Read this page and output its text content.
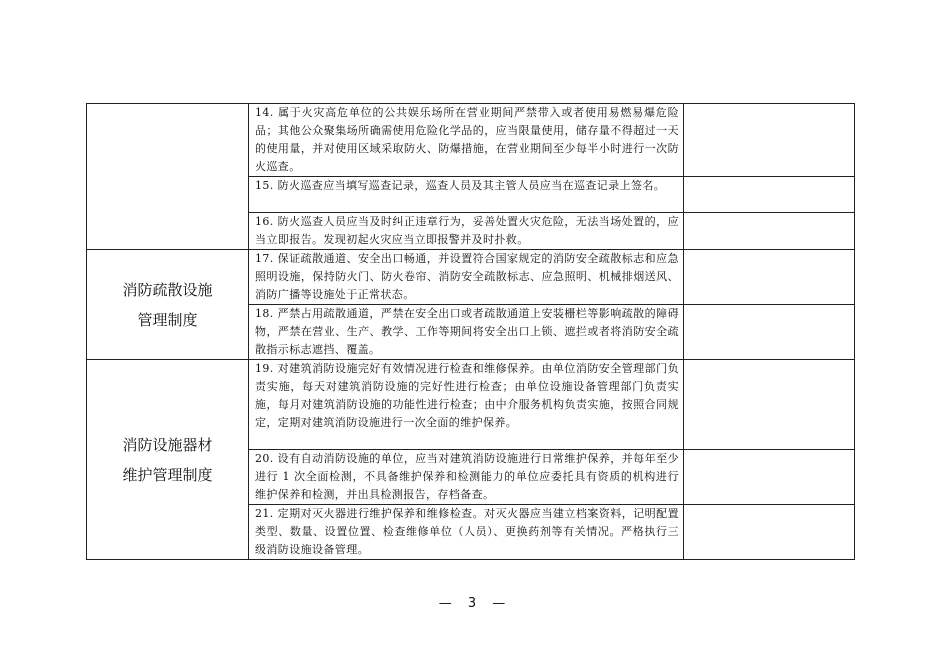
	14. 属于火灾高危单位的公共娱乐场所在营业期间严禁带入或者使用易燃易爆危险品；其他公众聚集场所确需使用危险化学品的，应当限量使用，储存量不得超过一天的使用量，并对使用区域采取防火、防爆措施，在营业期间至少每半小时进行一次防火巡查。	

	15. 防火巡查应当填写巡查记录，巡查人员及其主管人员应当在巡查记录上签名。	

	16. 防火巡查人员应当及时纠正违章行为，妥善处置火灾危险，无法当场处置的，应当立即报告。发现初起火灾应当立即报警并及时扑救。	

消防疏散设施
管理制度	17. 保证疏散通道、安全出口畅通，并设置符合国家规定的消防安全疏散标志和应急照明设施，保持防火门、防火卷帘、消防安全疏散标志、应急照明、机械排烟送风、消防广播等设施处于正常状态。	

	18. 严禁占用疏散通道，严禁在安全出口或者疏散通道上安装栅栏等影响疏散的障碍物，严禁在营业、生产、教学、工作等期间将安全出口上锁、遮拦或者将消防安全疏散指示标志遮挡、覆盖。	

消防设施器材
维护管理制度	19. 对建筑消防设施完好有效情况进行检查和维修保养。由单位消防安全管理部门负责实施，每天对建筑消防设施的完好性进行检查；由单位设施设备管理部门负责实施，每月对建筑消防设施的功能性进行检查；由中介服务机构负责实施，按照合同规定，定期对建筑消防设施进行一次全面的维护保养。	

	20. 设有自动消防设施的单位，应当对建筑消防设施进行日常维护保养，并每年至少进行 1 次全面检测，不具备维护保养和检测能力的单位应委托具有资质的机构进行维护保养和检测，并出具检测报告，存档备查。	

	21. 定期对灭火器进行维护保养和维修检查。对灭火器应当建立档案资料，记明配置类型、数量、设置位置、检查维修单位（人员）、更换药剂等有关情况。严格执行三级消防设施设备管理。	

— 3 —
